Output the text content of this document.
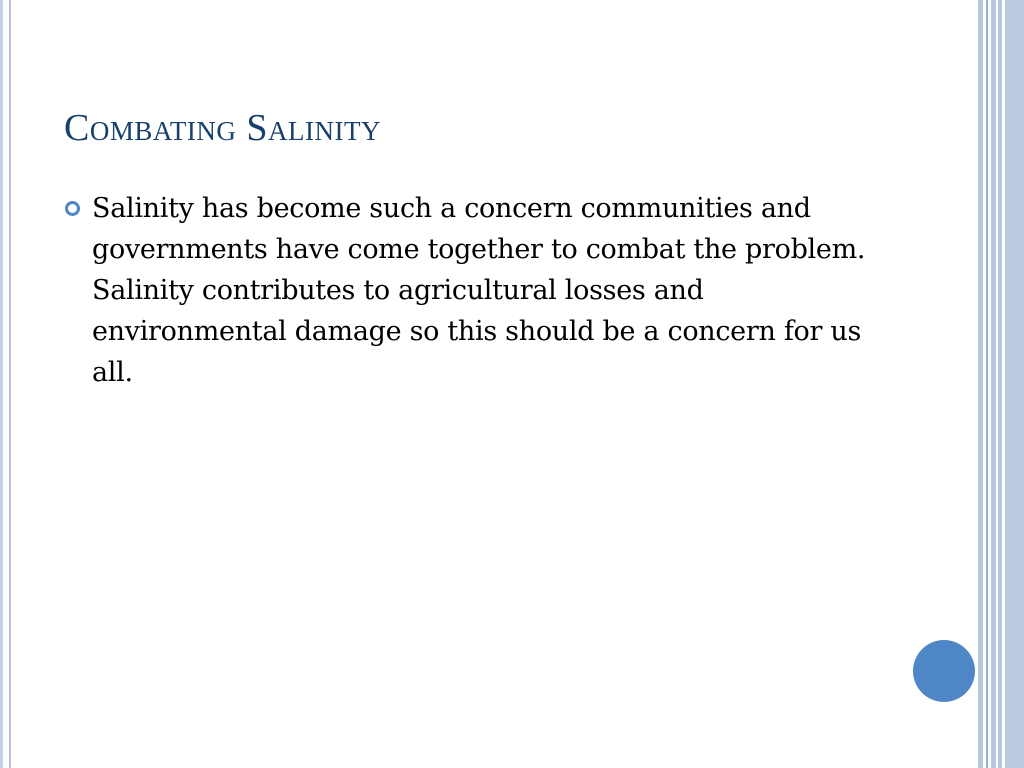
Combating Salinity
Salinity has become such a concern communities and governments have come together to combat the problem. Salinity contributes to agricultural losses and environmental damage so this should be a concern for us all.
